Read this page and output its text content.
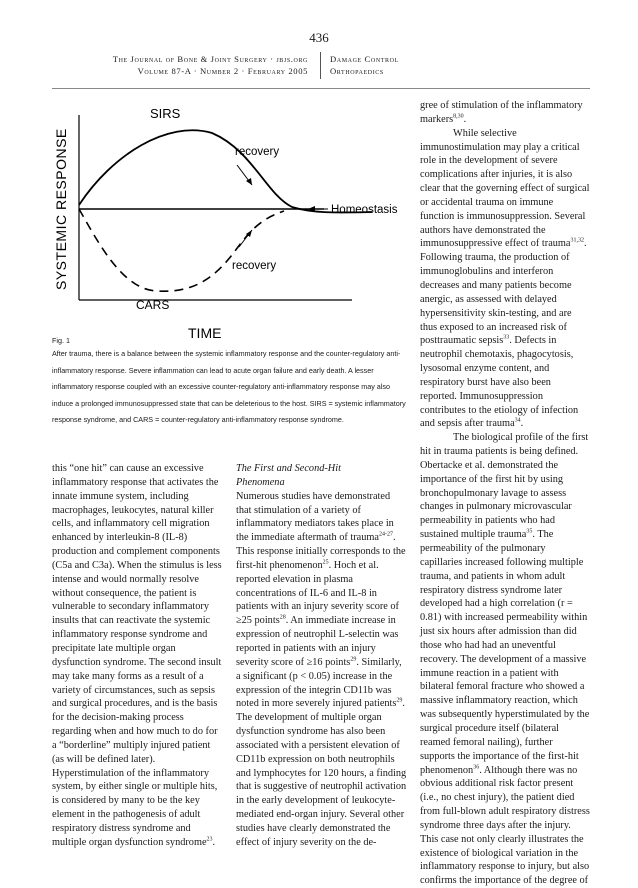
436
The Journal of Bone & Joint Surgery · jbjs.org
Volume 87-A · Number 2 · February 2005
Damage Control
Orthopaedics
SIRS
recovery
Homeostasis
recovery
CARS
TIME
SYSTEMIC RESPONSE
Fig. 1
After trauma, there is a balance between the systemic inflammatory response and the counter-regulatory anti-inflammatory response. Severe inflammation can lead to acute organ failure and early death. A lesser inflammatory response coupled with an excessive counter-regulatory anti-inflammatory response may also induce a prolonged immunosuppressed state that can be deleterious to the host. SIRS = systemic inflammatory response syndrome, and CARS = counter-regulatory anti-inflammatory response syndrome.

this “one hit” can cause an excessive inflammatory response that activates the innate immune system, including macrophages, leukocytes, natural killer cells, and inflammatory cell migration enhanced by interleukin-8 (IL-8) production and complement components (C5a and C3a). When the stimulus is less intense and would normally resolve without consequence, the patient is vulnerable to secondary inflammatory insults that can reactivate the systemic inflammatory response syndrome and precipitate late multiple organ dysfunction syndrome. The second insult may take many forms as a result of a variety of circumstances, such as sepsis and surgical procedures, and is the basis for the decision-making process regarding when and how much to do for a “borderline” multiply injured patient (as will be defined later). Hyperstimulation of the inflammatory system, by either single or multiple hits, is considered by many to be the key element in the pathogenesis of adult respiratory distress syndrome and multiple organ dysfunction syndrome$^{23}$.

The First and Second-Hit
Phenomena

Numerous studies have demonstrated that stimulation of a variety of inflammatory mediators takes place in the immediate aftermath of trauma$^{24-27}$. This response initially corresponds to the first-hit phenomenon$^{25}$. Hoch et al. reported elevation in plasma concentrations of IL-6 and IL-8 in patients with an injury severity score of ≥25 points$^{28}$. An immediate increase in expression of neutrophil L-selectin was reported in patients with an injury severity score of ≥16 points$^{29}$. Similarly, a significant (p < 0.05) increase in the expression of the integrin CD11b was noted in more severely injured patients$^{29}$. The development of multiple organ dysfunction syndrome has also been associated with a persistent elevation of CD11b expression on both neutrophils and lymphocytes for 120 hours, a finding that is suggestive of neutrophil activation in the early development of leukocyte-mediated end-organ injury. Several other studies have clearly demonstrated the effect of injury severity on the de-

gree of stimulation of the inflammatory markers$^{8,30}$.

While selective immunostimulation may play a critical role in the development of severe complications after injuries, it is also clear that the governing effect of surgical or accidental trauma on immune function is immunosuppression. Several authors have demonstrated the immunosuppressive effect of trauma$^{31,32}$. Following trauma, the production of immunoglobulins and interferon decreases and many patients become anergic, as assessed with delayed hypersensitivity skin-testing, and are thus exposed to an increased risk of posttraumatic sepsis$^{33}$. Defects in neutrophil chemotaxis, phagocytosis, lysosomal enzyme content, and respiratory burst have also been reported. Immunosuppression contributes to the etiology of infection and sepsis after trauma$^{34}$.

The biological profile of the first hit in trauma patients is being defined. Obertacke et al. demonstrated the importance of the first hit by using bronchopulmonary lavage to assess changes in pulmonary microvascular permeability in patients who had sustained multiple trauma$^{35}$. The permeability of the pulmonary capillaries increased following multiple trauma, and patients in whom adult respiratory distress syndrome later developed had a high correlation (r = 0.81) with increased permeability within just six hours after admission than did those who had had an uneventful recovery. The development of a massive immune reaction in a patient with bilateral femoral fracture who showed a massive inflammatory reaction, which was subsequently hyperstimulated by the surgical procedure itself (bilateral reamed femoral nailing), further supports the importance of the first-hit phenomenon$^{36}$. Although there was no obvious additional risk factor present (i.e., no chest injury), the patient died from full-blown adult respiratory distress syndrome three days after the injury. This case not only clearly illustrates the existence of biological variation in the inflammatory response to injury, but also confirms the importance of the degree of
